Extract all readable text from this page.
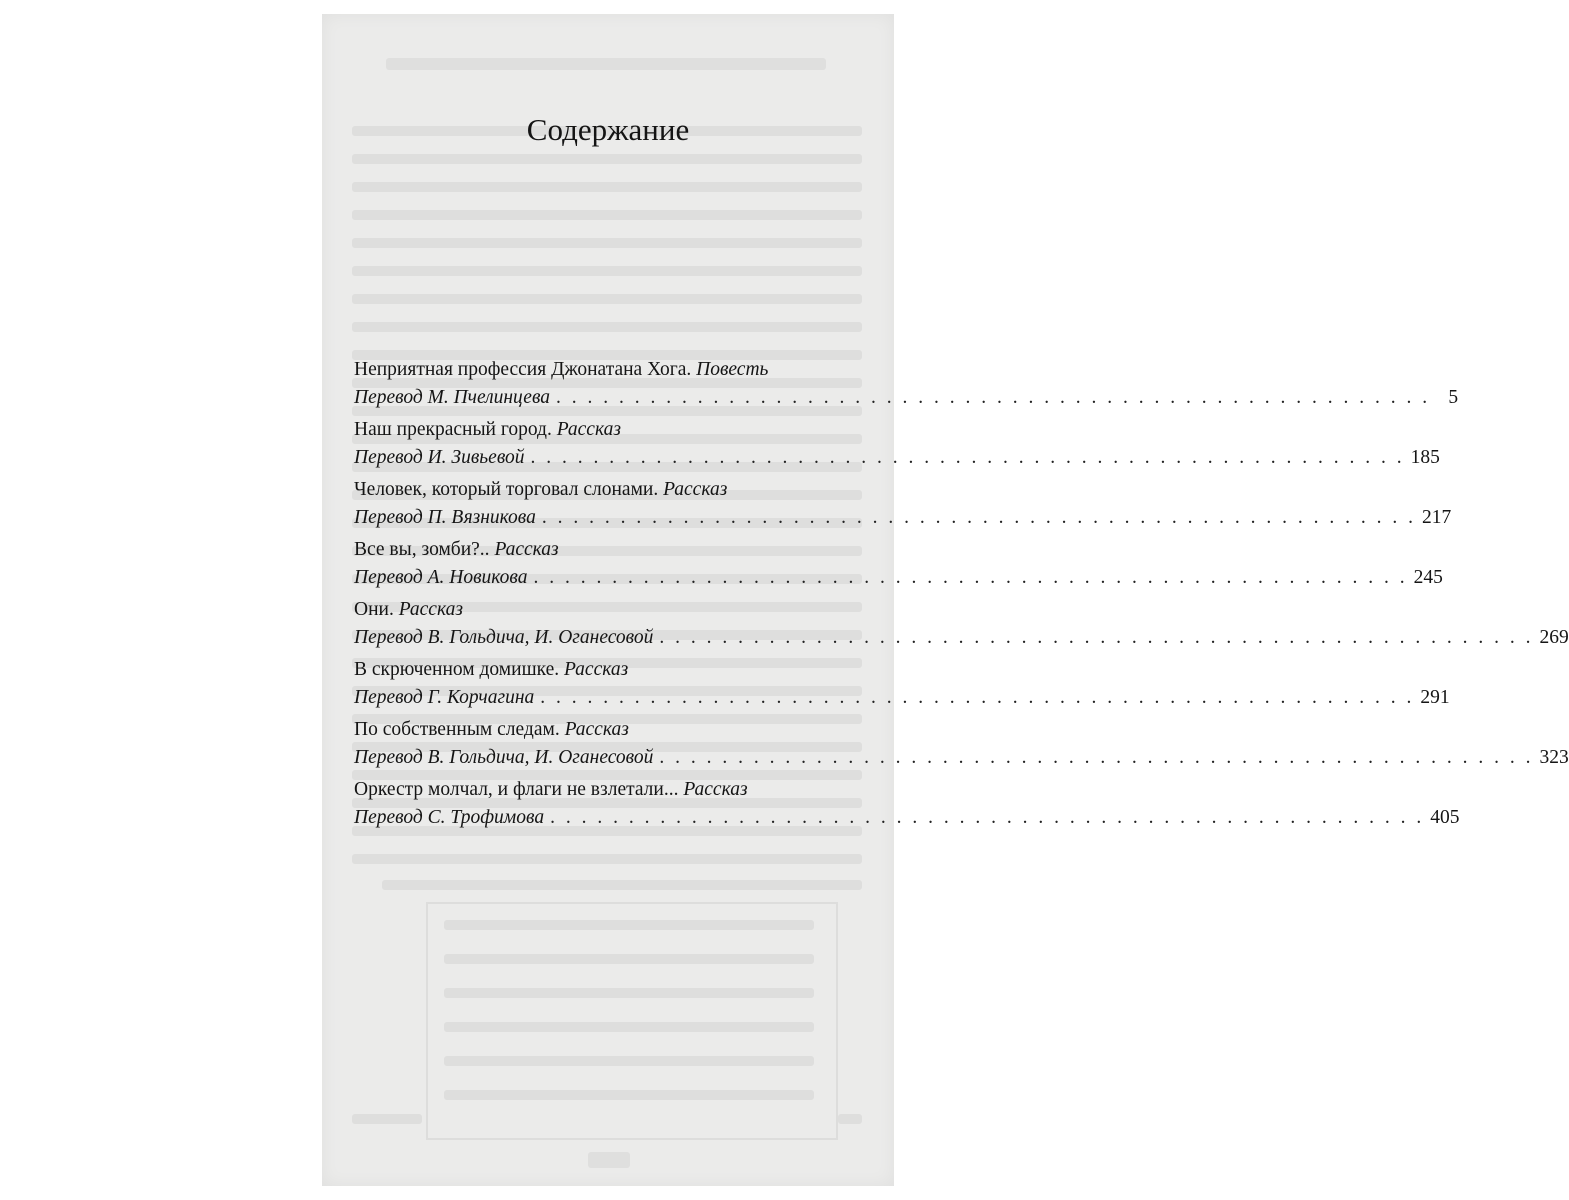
Содержание
Неприятная профессия Джонатана Хога. Повесть
Перевод М. Пчелинцева . . .	5
Наш прекрасный город. Рассказ
Перевод И. Зивьевой . . .	185
Человек, который торговал слонами. Рассказ
Перевод П. Вязникова . . .	217
Все вы, зомби?.. Рассказ
Перевод А. Новикова . . .	245
Они. Рассказ
Перевод В. Гольдича, И. Оганесовой . . .	269
В скрюченном домишке. Рассказ
Перевод Г. Корчагина . . .	291
По собственным следам. Рассказ
Перевод В. Гольдича, И. Оганесовой . . .	323
Оркестр молчал, и флаги не взлетали... Рассказ
Перевод С. Трофимова . . .	405
